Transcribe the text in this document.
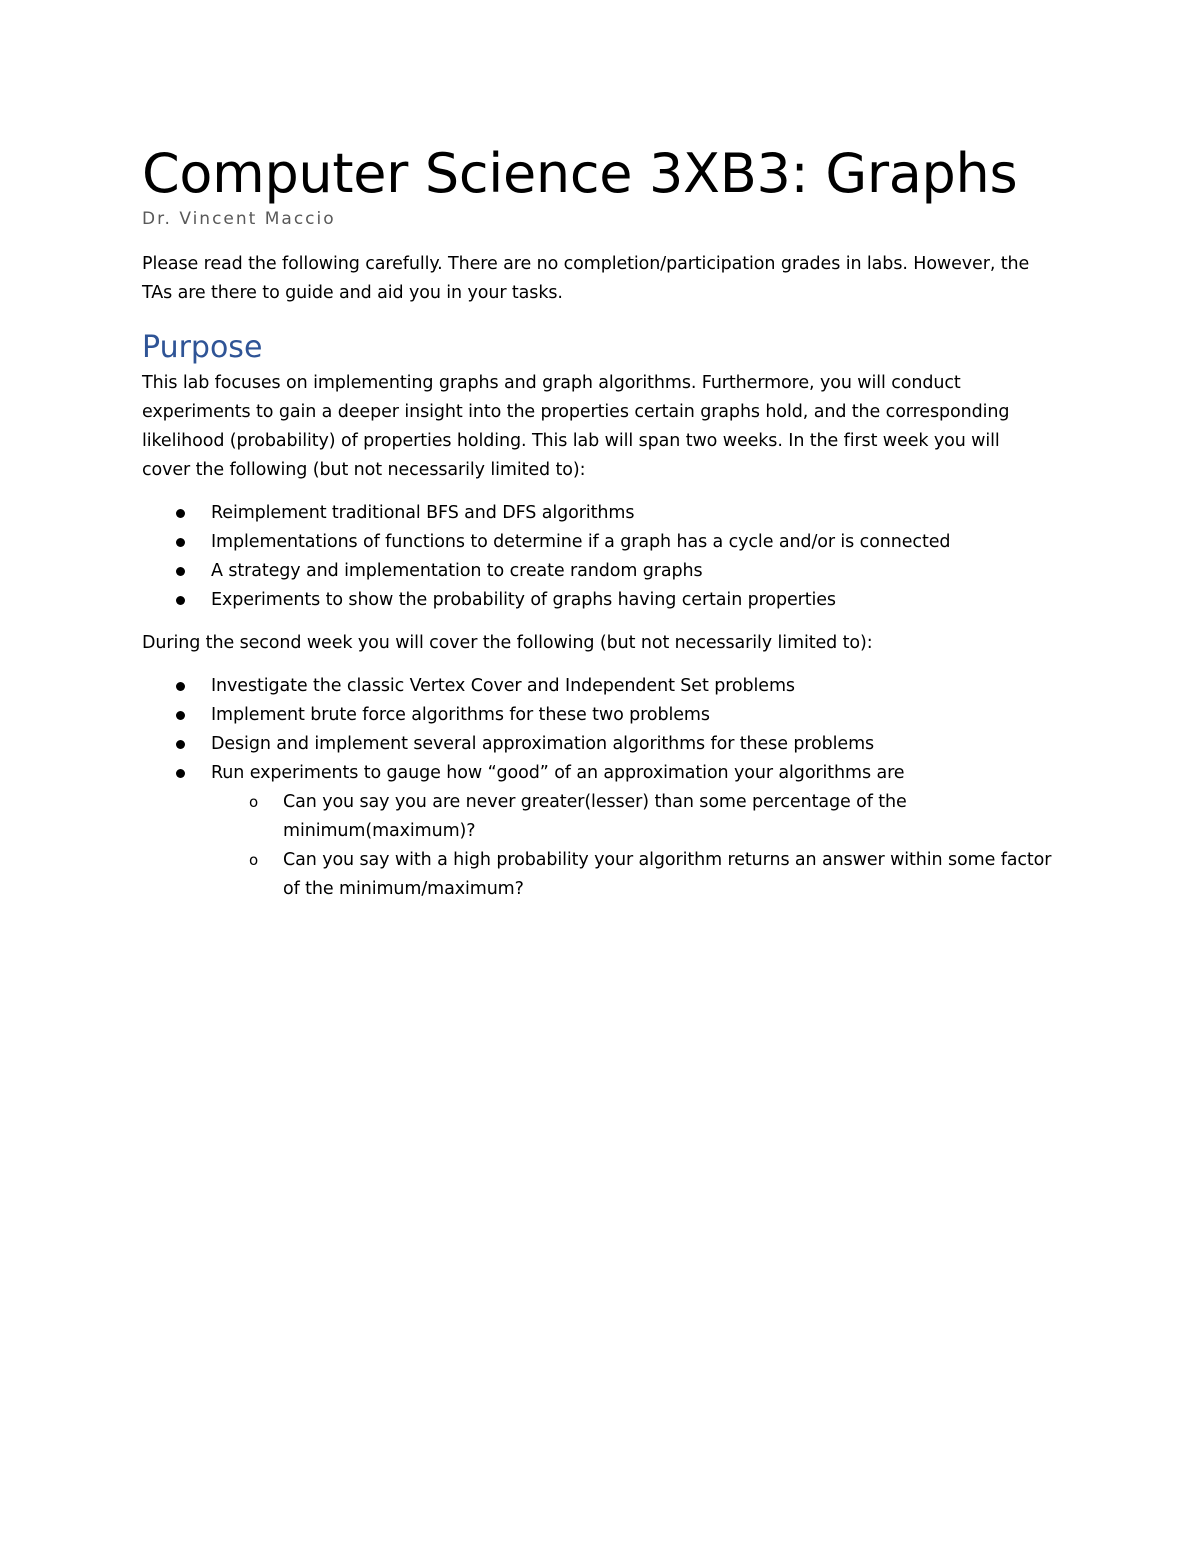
Computer Science 3XB3: Graphs
Dr. Vincent Maccio
Please read the following carefully. There are no completion/participation grades in labs. However, the TAs are there to guide and aid you in your tasks.
Purpose
This lab focuses on implementing graphs and graph algorithms. Furthermore, you will conduct experiments to gain a deeper insight into the properties certain graphs hold, and the corresponding likelihood (probability) of properties holding. This lab will span two weeks. In the first week you will cover the following (but not necessarily limited to):
Reimplement traditional BFS and DFS algorithms
Implementations of functions to determine if a graph has a cycle and/or is connected
A strategy and implementation to create random graphs
Experiments to show the probability of graphs having certain properties
During the second week you will cover the following (but not necessarily limited to):
Investigate the classic Vertex Cover and Independent Set problems
Implement brute force algorithms for these two problems
Design and implement several approximation algorithms for these problems
Run experiments to gauge how “good” of an approximation your algorithms are
o Can you say you are never greater(lesser) than some percentage of the minimum(maximum)?
o Can you say with a high probability your algorithm returns an answer within some factor of the minimum/maximum?
